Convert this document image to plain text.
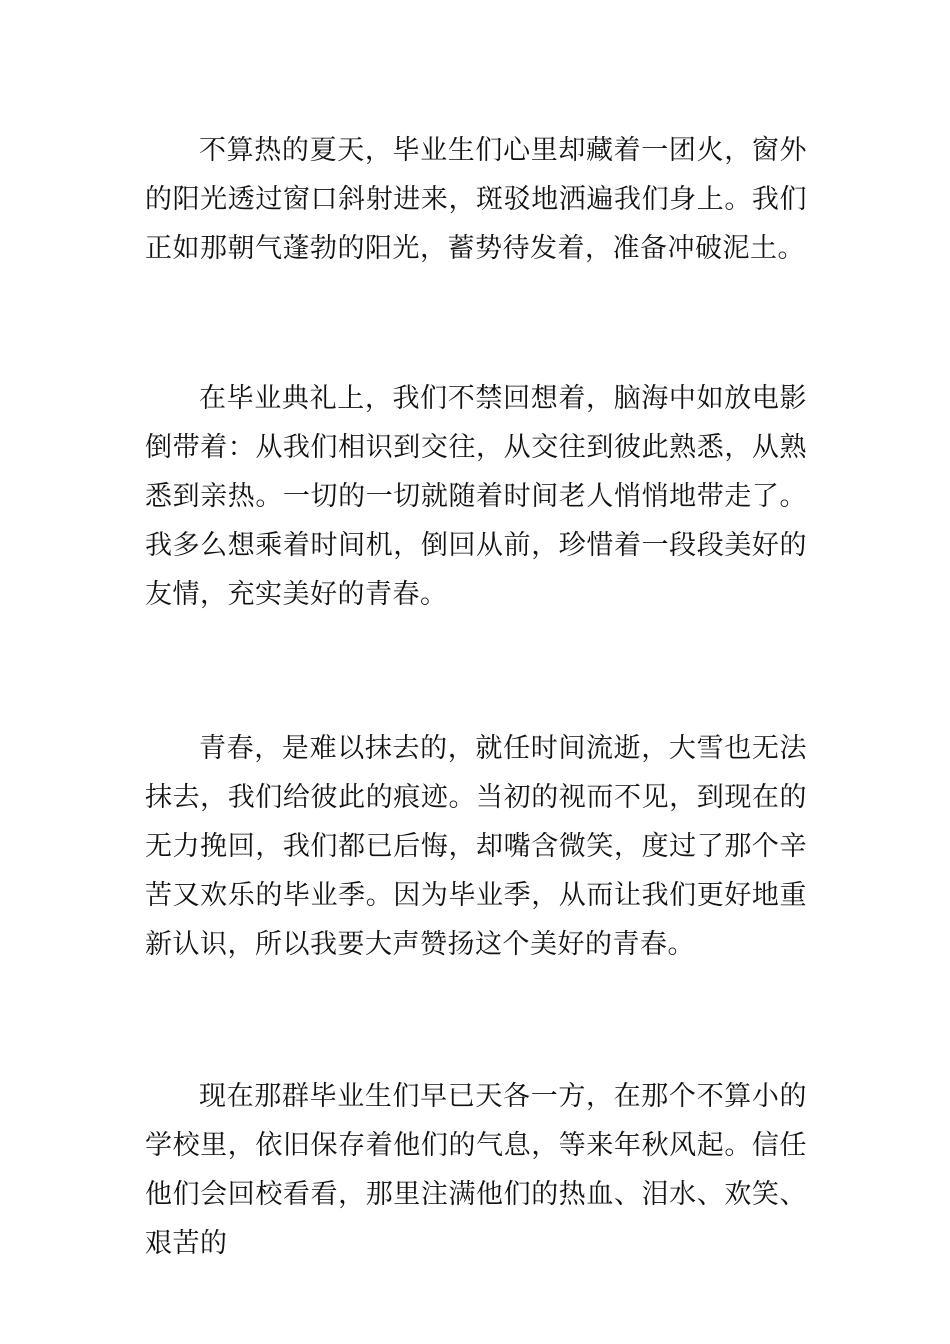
不算热的夏天，毕业生们心里却藏着一团火，窗外的阳光透过窗口斜射进来，斑驳地洒遍我们身上。我们正如那朝气蓬勃的阳光，蓄势待发着，准备冲破泥土。

在毕业典礼上，我们不禁回想着，脑海中如放电影倒带着：从我们相识到交往，从交往到彼此熟悉，从熟悉到亲热。一切的一切就随着时间老人悄悄地带走了。我多么想乘着时间机，倒回从前，珍惜着一段段美好的友情，充实美好的青春。

青春，是难以抹去的，就任时间流逝，大雪也无法抹去，我们给彼此的痕迹。当初的视而不见，到现在的无力挽回，我们都已后悔，却嘴含微笑，度过了那个辛苦又欢乐的毕业季。因为毕业季，从而让我们更好地重新认识，所以我要大声赞扬这个美好的青春。

现在那群毕业生们早已天各一方，在那个不算小的学校里，依旧保存着他们的气息，等来年秋风起。信任他们会回校看看，那里注满他们的热血、泪水、欢笑、艰苦的
